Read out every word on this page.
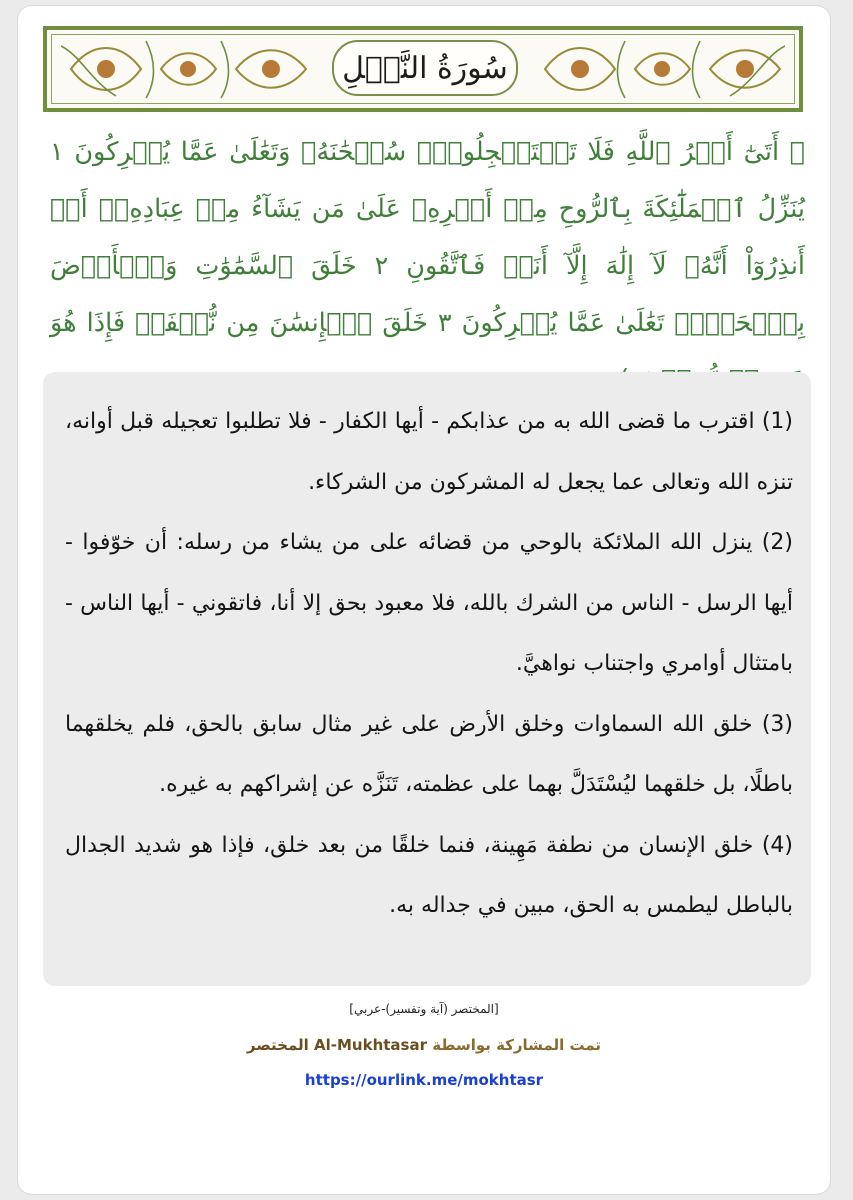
سُورَةُ النَّحۡلِ
﴿ أَتَىٰٓ أَمۡرُ ٱللَّهِ فَلَا تَسۡتَعۡجِلُوهُۚ سُبۡحَٰنَهُۥ وَتَعَٰلَىٰ عَمَّا يُشۡرِكُونَ ١ يُنَزِّلُ ٱلۡمَلَٰٓئِكَةَ بِٱلرُّوحِ مِنۡ أَمۡرِهِۦ عَلَىٰ مَن يَشَآءُ مِنۡ عِبَادِهِۦٓ أَنۡ أَنذِرُوٓاْ أَنَّهُۥ لَآ إِلَٰهَ إِلَّآ أَنَا۠ فَٱتَّقُونِ ٢ خَلَقَ ٱلسَّمَٰوَٰتِ وَٱلۡأَرۡضَ بِٱلۡحَقِّۚ تَعَٰلَىٰ عَمَّا يُشۡرِكُونَ ٣ خَلَقَ ٱلۡإِنسَٰنَ مِن نُّطۡفَةٖ فَإِذَا هُوَ

(1) اقترب ما قضى الله به من عذابكم - أيها الكفار - فلا تطلبوا تعجيله قبل أوانه، تنزه الله وتعالى عما يجعل له المشركون من الشركاء.

(2) ينزل الله الملائكة بالوحي من قضائه على من يشاء من رسله: أن خوّفوا - أيها الرسل - الناس من الشرك بالله، فلا معبود بحق إلا أنا، فاتقوني - أيها الناس - بامتثال أوامري واجتناب نواهيَّ.

(3) خلق الله السماوات وخلق الأرض على غير مثال سابق بالحق، فلم يخلقهما باطلًا، بل خلقهما ليُسْتَدَلَّ بهما على عظمته، تَنَزَّه عن إشراكهم به غيره.

(4) خلق الإنسان من نطفة مَهِينة، فنما خلقًا من بعد خلق، فإذا هو شديد الجدال بالباطل ليطمس به الحق، مبين في جداله به.

[المختصر (آية وتفسير)-عربي]
تمت المشاركة بواسطة Al-Mukhtasar المختصر
https://ourlink.me/mokhtasr
